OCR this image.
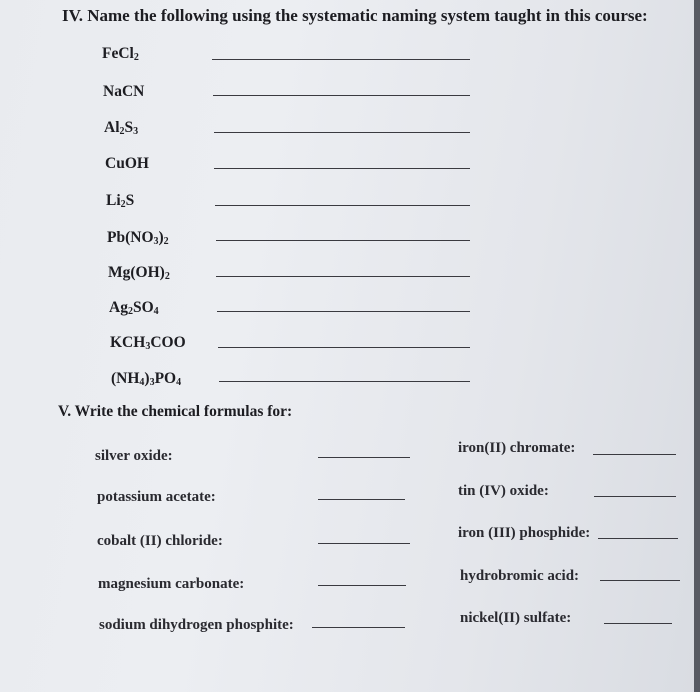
IV. Name the following using the systematic naming system taught in this course:
FeCl$_2$
NaCN
$Al_2S_3$
CuOH
$Li_2S$
$Pb(NO_3)_2$
$Mg(OH)_2$
$Ag_2SO_4$
$KCH_3COO$
$(NH_4)_3PO_4$
V. Write the chemical formulas for:
silver oxide:
potassium acetate:
cobalt (II) chloride:
magnesium carbonate:
sodium dihydrogen phosphite:
iron(II) chromate:
tin (IV) oxide:
iron (III) phosphide:
hydrobromic acid:
nickel(II) sulfate:
